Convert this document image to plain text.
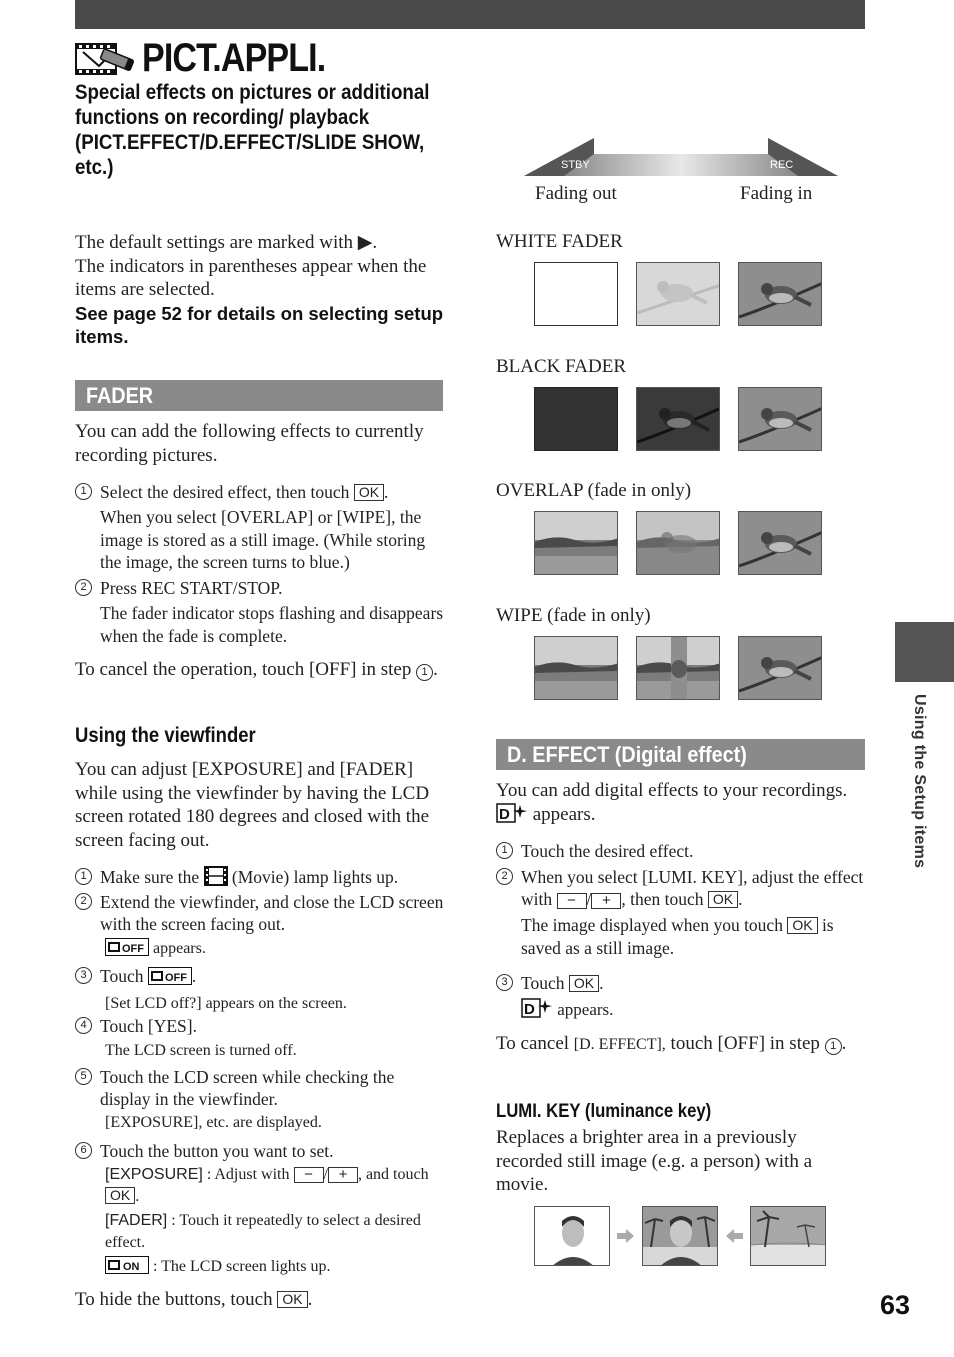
PICT.APPLI.
Special effects on pictures or additional functions on recording/ playback (PICT.EFFECT/D.EFFECT/SLIDE SHOW, etc.)
The default settings are marked with ▶.
The indicators in parentheses appear when the items are selected.
See page 52 for details on selecting setup items.
FADER
You can add the following effects to currently recording pictures.
1 Select the desired effect, then touch OK .
When you select [OVERLAP] or [WIPE], the image is stored as a still image. (While storing the image, the screen turns to blue.)
2 Press REC START/STOP.
The fader indicator stops flashing and disappears when the fade is complete.
To cancel the operation, touch [OFF] in step 1 .
Using the viewfinder
You can adjust [EXPOSURE] and [FADER] while using the viewfinder by having the LCD screen rotated 180 degrees and closed with the screen facing out.
1 Make sure the (Movie) lamp lights up.
2 Extend the viewfinder, and close the LCD screen with the screen facing out.
OFF appears.
3 Touch OFF .
[Set LCD off?] appears on the screen.
4 Touch [YES].
The LCD screen is turned off.
5 Touch the LCD screen while checking the display in the viewfinder.
[EXPOSURE], etc. are displayed.
6 Touch the button you want to set.
[EXPOSURE] : Adjust with − / + , and touch OK .
[FADER] : Touch it repeatedly to select a desired effect.
ON : The LCD screen lights up.
To hide the buttons, touch OK .
STBY	REC
Fading out	Fading in
WHITE FADER
BLACK FADER
OVERLAP (fade in only)
WIPE (fade in only)
D. EFFECT (Digital effect)
You can add digital effects to your recordings.
D appears.
1 Touch the desired effect.
2 When you select [LUMI. KEY], adjust the effect with − / + , then touch OK .
The image displayed when you touch OK is saved as a still image.
3 Touch OK .
D appears.
To cancel [D. EFFECT], touch [OFF] in step 1 .
LUMI. KEY (luminance key)
Replaces a brighter area in a previously recorded still image (e.g. a person) with a movie.
Using the Setup items
63
